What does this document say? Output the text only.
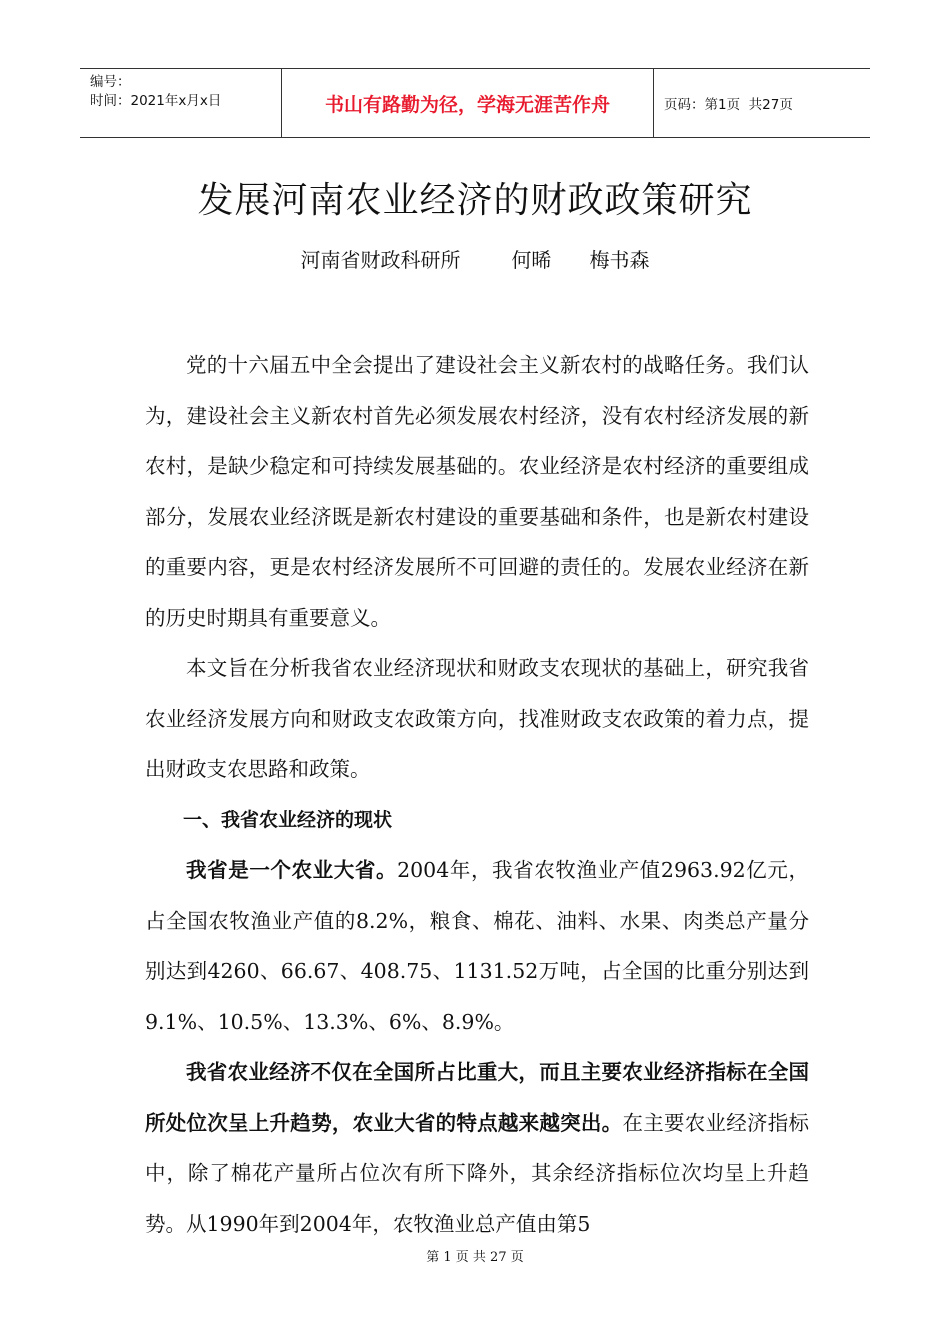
编号：
时间：2021年x月x日	书山有路勤为径，学海无涯苦作舟	页码：第1页  共27页
发展河南农业经济的财政政策研究
河南省财政科研所        何晞      梅书森

党的十六届五中全会提出了建设社会主义新农村的战略任务。我们认为，建设社会主义新农村首先必须发展农村经济，没有农村经济发展的新农村，是缺少稳定和可持续发展基础的。农业经济是农村经济的重要组成部分，发展农业经济既是新农村建设的重要基础和条件，也是新农村建设的重要内容，更是农村经济发展所不可回避的责任的。发展农业经济在新的历史时期具有重要意义。

本文旨在分析我省农业经济现状和财政支农现状的基础上，研究我省农业经济发展方向和财政支农政策方向，找准财政支农政策的着力点，提出财政支农思路和政策。

一、我省农业经济的现状

我省是一个农业大省。2004年，我省农牧渔业产值2963.92亿元，占全国农牧渔业产值的8.2%，粮食、棉花、油料、水果、肉类总产量分别达到4260、66.67、408.75、1131.52万吨，占全国的比重分别达到9.1%、10.5%、13.3%、6%、8.9%。

我省农业经济不仅在全国所占比重大，而且主要农业经济指标在全国所处位次呈上升趋势，农业大省的特点越来越突出。在主要农业经济指标中，除了棉花产量所占位次有所下降外，其余经济指标位次均呈上升趋势。从1990年到2004年，农牧渔业总产值由第5

第 1 页 共 27 页
